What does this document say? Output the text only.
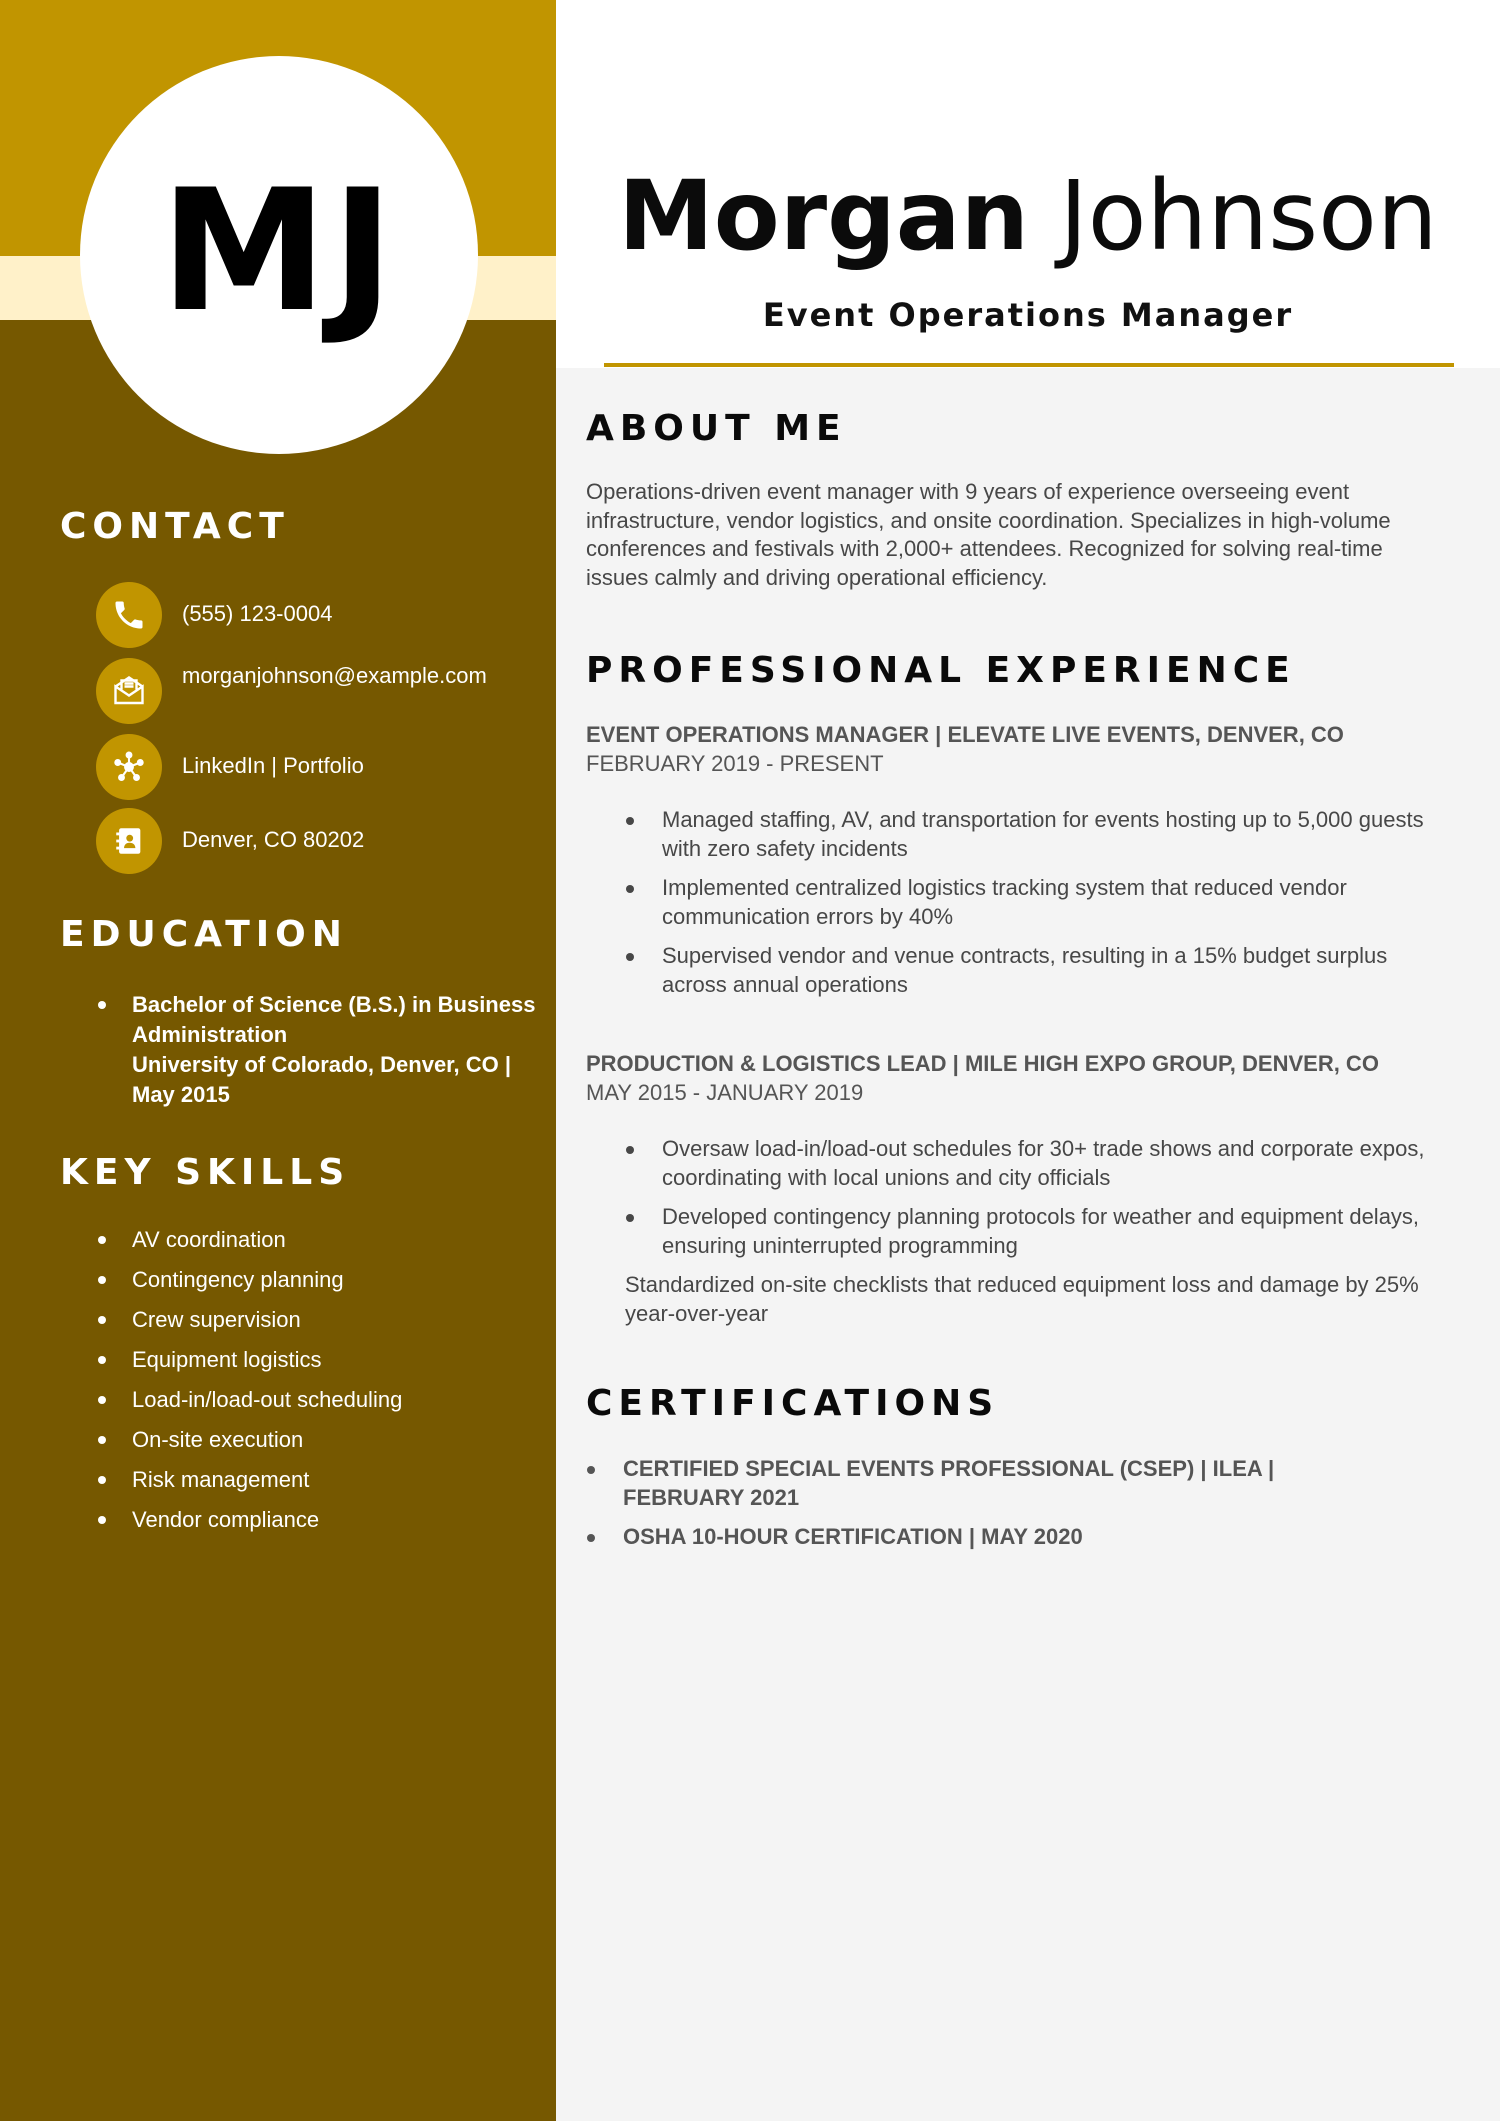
MJ
CONTACT
(555) 123-0004
morganjohnson@example.com
LinkedIn | Portfolio
Denver, CO 80202
EDUCATION
Bachelor of Science (B.S.) in Business Administration
University of Colorado, Denver, CO | May 2015
KEY SKILLS
AV coordination
Contingency planning
Crew supervision
Equipment logistics
Load-in/load-out scheduling
On-site execution
Risk management
Vendor compliance
Morgan Johnson
Event Operations Manager
ABOUT ME

Operations-driven event manager with 9 years of experience overseeing event infrastructure, vendor logistics, and onsite coordination. Specializes in high-volume conferences and festivals with 2,000+ attendees. Recognized for solving real-time issues calmly and driving operational efficiency.

PROFESSIONAL EXPERIENCE
EVENT OPERATIONS MANAGER | ELEVATE LIVE EVENTS, DENVER, CO
FEBRUARY 2019 - PRESENT
Managed staffing, AV, and transportation for events hosting up to 5,000 guests with zero safety incidents
Implemented centralized logistics tracking system that reduced vendor communication errors by 40%
Supervised vendor and venue contracts, resulting in a 15% budget surplus across annual operations
PRODUCTION & LOGISTICS LEAD | MILE HIGH EXPO GROUP, DENVER, CO
MAY 2015 - JANUARY 2019
Oversaw load-in/load-out schedules for 30+ trade shows and corporate expos, coordinating with local unions and city officials
Developed contingency planning protocols for weather and equipment delays, ensuring uninterrupted programming

Standardized on-site checklists that reduced equipment loss and damage by 25% year-over-year

CERTIFICATIONS
CERTIFIED SPECIAL EVENTS PROFESSIONAL (CSEP) | ILEA | FEBRUARY 2021
OSHA 10-HOUR CERTIFICATION | MAY 2020
